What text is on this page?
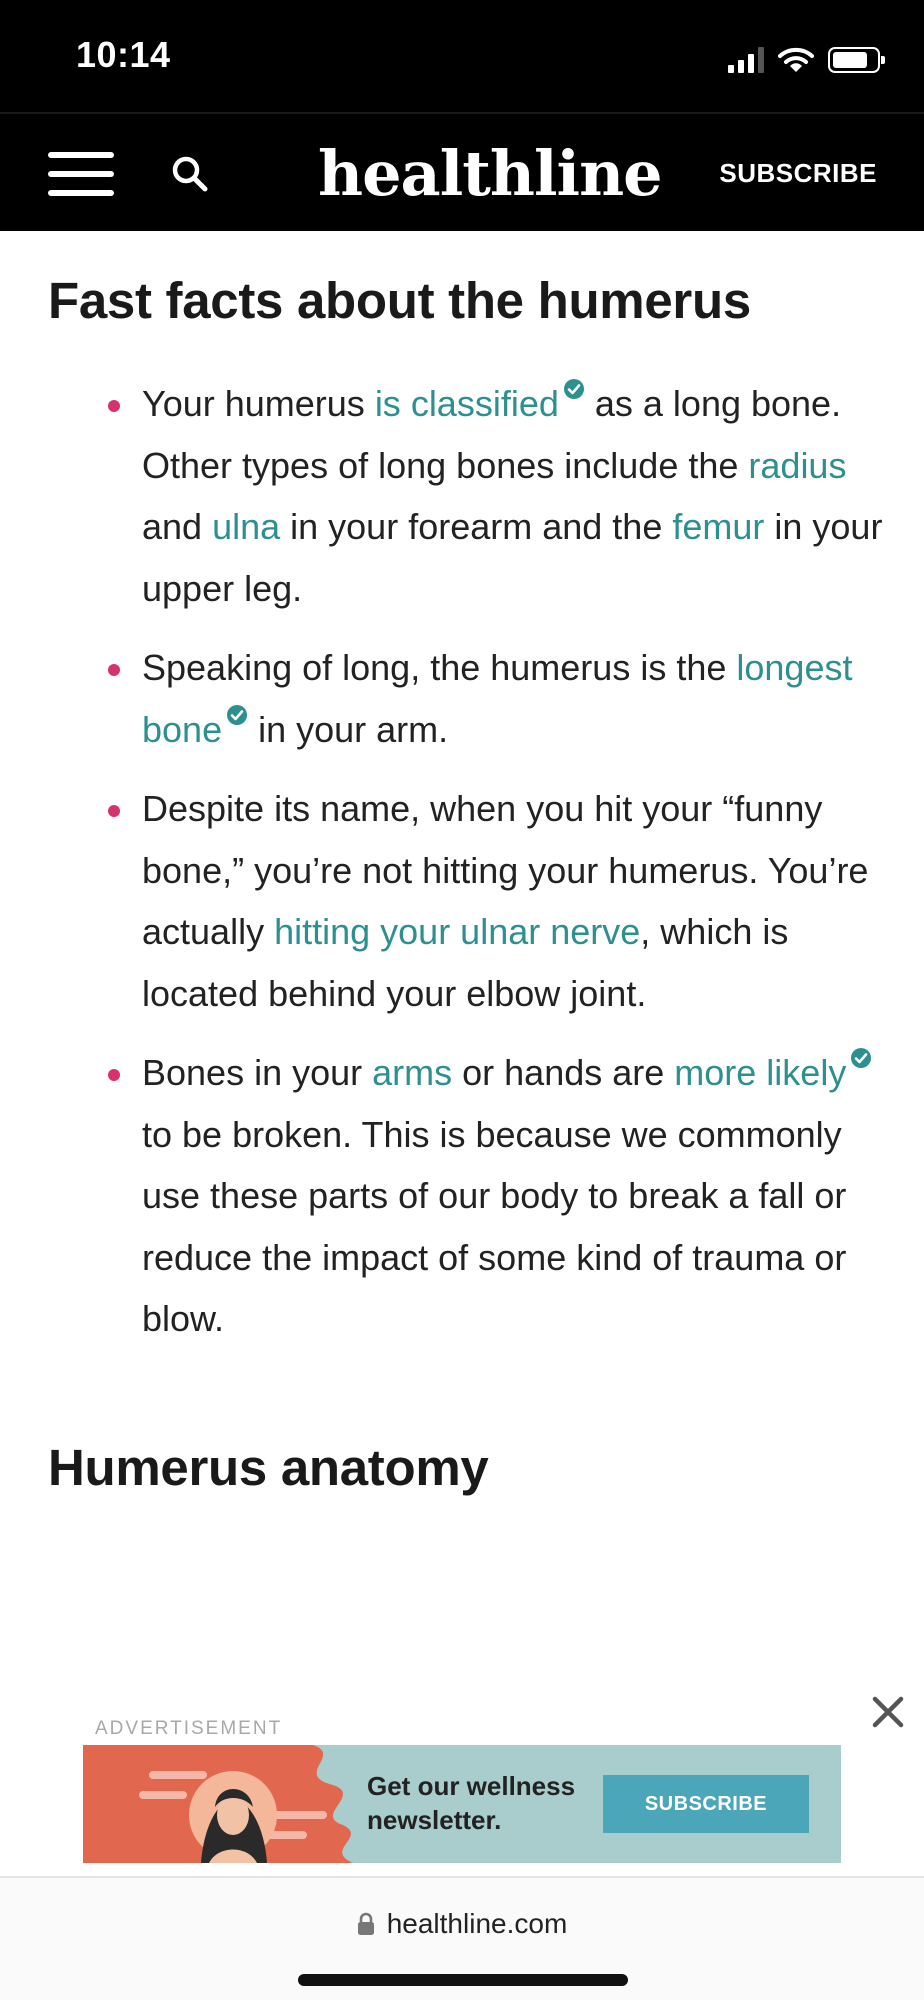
10:14
healthline SUBSCRIBE
Fast facts about the humerus
Your humerus is classified as a long bone. Other types of long bones include the radius and ulna in your forearm and the femur in your upper leg.
Speaking of long, the humerus is the longest bone in your arm.
Despite its name, when you hit your “funny bone,” you’re not hitting your humerus. You’re actually hitting your ulnar nerve, which is located behind your elbow joint.
Bones in your arms or hands are more likely to be broken. This is because we commonly use these parts of our body to break a fall or reduce the impact of some kind of trauma or blow.
Humerus anatomy
ADVERTISEMENT
Get our wellness
newsletter.
SUBSCRIBE
healthline.com
